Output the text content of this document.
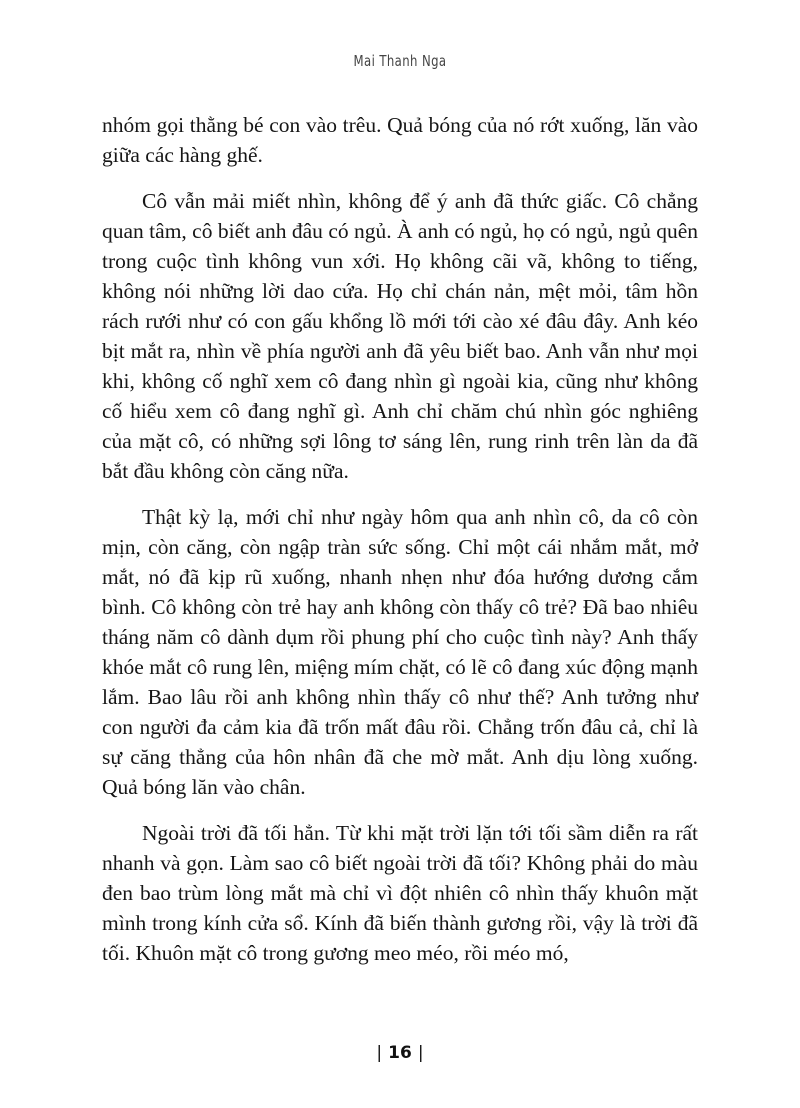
Mai Thanh Nga

nhóm gọi thằng bé con vào trêu. Quả bóng của nó rớt xuống, lăn vào giữa các hàng ghế.

Cô vẫn mải miết nhìn, không để ý anh đã thức giấc. Cô chẳng quan tâm, cô biết anh đâu có ngủ. À anh có ngủ, họ có ngủ, ngủ quên trong cuộc tình không vun xới. Họ không cãi vã, không to tiếng, không nói những lời dao cứa. Họ chỉ chán nản, mệt mỏi, tâm hồn rách rưới như có con gấu khổng lồ mới tới cào xé đâu đây. Anh kéo bịt mắt ra, nhìn về phía người anh đã yêu biết bao. Anh vẫn như mọi khi, không cố nghĩ xem cô đang nhìn gì ngoài kia, cũng như không cố hiểu xem cô đang nghĩ gì. Anh chỉ chăm chú nhìn góc nghiêng của mặt cô, có những sợi lông tơ sáng lên, rung rinh trên làn da đã bắt đầu không còn căng nữa.

Thật kỳ lạ, mới chỉ như ngày hôm qua anh nhìn cô, da cô còn mịn, còn căng, còn ngập tràn sức sống. Chỉ một cái nhắm mắt, mở mắt, nó đã kịp rũ xuống, nhanh nhẹn như đóa hướng dương cắm bình. Cô không còn trẻ hay anh không còn thấy cô trẻ? Đã bao nhiêu tháng năm cô dành dụm rồi phung phí cho cuộc tình này? Anh thấy khóe mắt cô rung lên, miệng mím chặt, có lẽ cô đang xúc động mạnh lắm. Bao lâu rồi anh không nhìn thấy cô như thế? Anh tưởng như con người đa cảm kia đã trốn mất đâu rồi. Chẳng trốn đâu cả, chỉ là sự căng thẳng của hôn nhân đã che mờ mắt. Anh dịu lòng xuống. Quả bóng lăn vào chân.

Ngoài trời đã tối hẳn. Từ khi mặt trời lặn tới tối sầm diễn ra rất nhanh và gọn. Làm sao cô biết ngoài trời đã tối? Không phải do màu đen bao trùm lòng mắt mà chỉ vì đột nhiên cô nhìn thấy khuôn mặt mình trong kính cửa sổ. Kính đã biến thành gương rồi, vậy là trời đã tối. Khuôn mặt cô trong gương meo méo, rồi méo mó,

| 16 |
